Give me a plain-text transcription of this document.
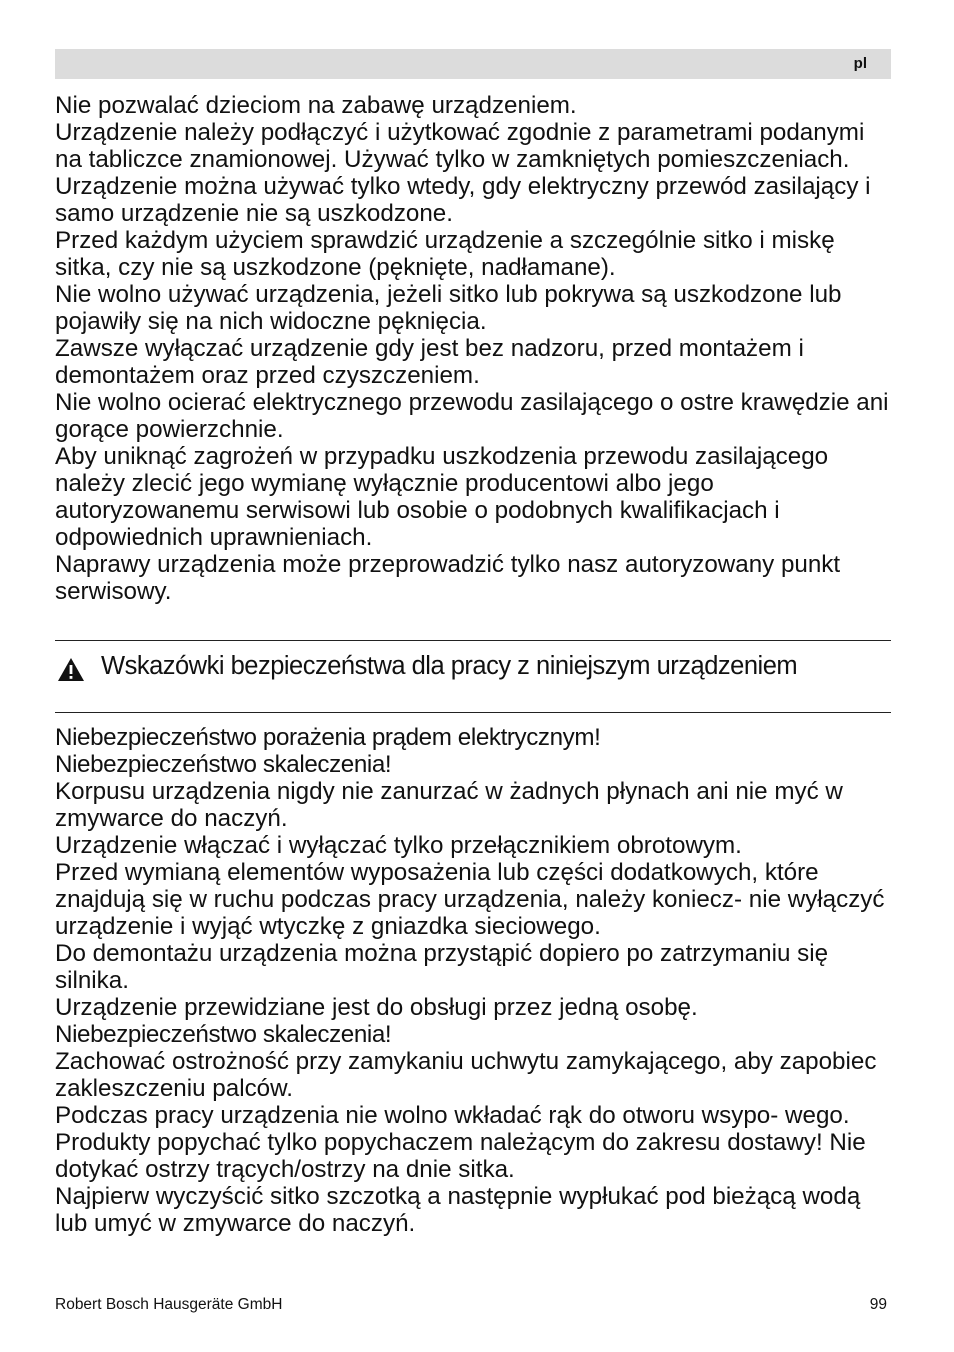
pl

Nie pozwalać dzieciom na zabawę urządzeniem.

Urządzenie należy podłączyć i użytkować zgodnie z parametrami podanymi na tabliczce znamionowej. Używać tylko w zamkniętych pomieszczeniach.

Urządzenie można używać tylko wtedy, gdy elektryczny przewód zasilający i samo urządzenie nie są uszkodzone.

Przed każdym użyciem sprawdzić urządzenie a szczególnie sitko i miskę sitka, czy nie są uszkodzone (pęknięte, nadłamane).

Nie wolno używać urządzenia, jeżeli sitko lub pokrywa są uszkodzone lub pojawiły się na nich widoczne pęknięcia.

Zawsze wyłączać urządzenie gdy jest bez nadzoru, przed montażem i demontażem oraz przed czyszczeniem.

Nie wolno ocierać elektrycznego przewodu zasilającego o ostre krawędzie ani gorące powierzchnie.

Aby uniknąć zagrożeń w przypadku uszkodzenia przewodu zasilającego należy zlecić jego wymianę wyłącznie producentowi albo jego autoryzowanemu serwisowi lub osobie o podobnych kwalifikacjach i odpowiednich uprawnieniach.

Naprawy urządzenia może przeprowadzić tylko nasz autoryzowany punkt serwisowy.

Wskazówki bezpieczeństwa dla pracy z niniejszym urządzeniem

Niebezpieczeństwo porażenia prądem elektrycznym!

Niebezpieczeństwo skaleczenia!

Korpusu urządzenia nigdy nie zanurzać w żadnych płynach ani nie myć w zmywarce do naczyń.

Urządzenie włączać i wyłączać tylko przełącznikiem obrotowym.

Przed wymianą elementów wyposażenia lub części dodatkowych, które znajdują się w ruchu podczas pracy urządzenia, należy koniecz- nie wyłączyć urządzenie i wyjąć wtyczkę z gniazdka sieciowego.

Do demontażu urządzenia można przystąpić dopiero po zatrzymaniu się silnika.

Urządzenie przewidziane jest do obsługi przez jedną osobę.

Niebezpieczeństwo skaleczenia!

Zachować ostrożność przy zamykaniu uchwytu zamykającego, aby zapobiec zakleszczeniu palców.

Podczas pracy urządzenia nie wolno wkładać rąk do otworu wsypo- wego. Produkty popychać tylko popychaczem należącym do zakresu dostawy! Nie dotykać ostrzy trących/ostrzy na dnie sitka.

Najpierw wyczyścić sitko szczotką a następnie wypłukać pod bieżącą wodą lub umyć w zmywarce do naczyń.

Robert Bosch Hausgeräte GmbH	99
